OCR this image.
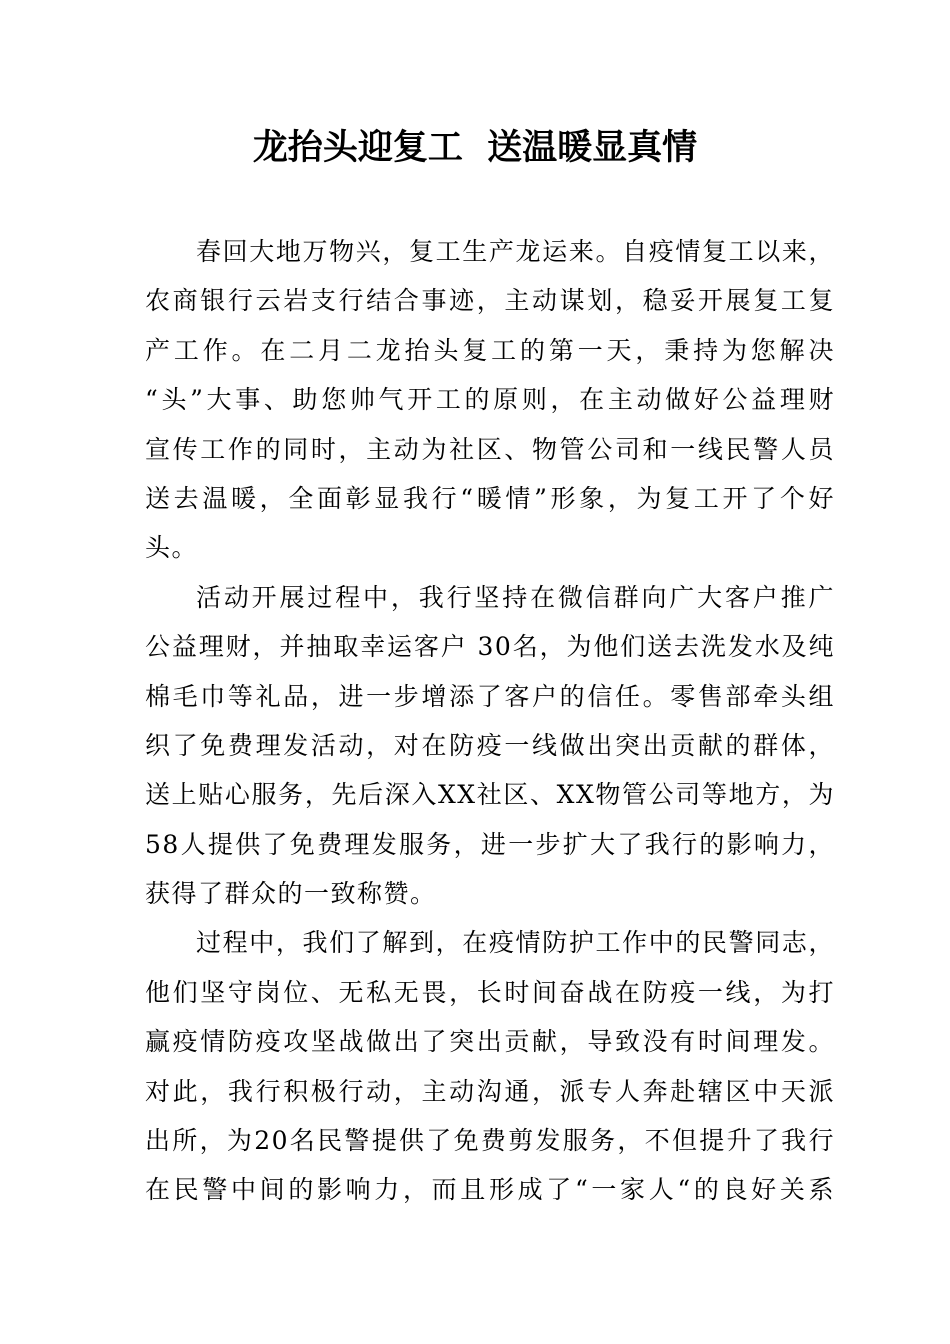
龙抬头迎复工  送温暖显真情
春回大地万物兴，复工生产龙运来。自疫情复工以来，
农商银行云岩支行结合事迹，主动谋划，稳妥开展复工复
产工作。在二月二龙抬头复工的第一天，秉持为您解决
“头”大事、助您帅气开工的原则，在主动做好公益理财
宣传工作的同时，主动为社区、物管公司和一线民警人员
送去温暖，全面彰显我行“暖情”形象，为复工开了个好
头。
活动开展过程中，我行坚持在微信群向广大客户推广
公益理财，并抽取幸运客户 30名，为他们送去洗发水及纯
棉毛巾等礼品，进一步增添了客户的信任。零售部牵头组
织了免费理发活动，对在防疫一线做出突出贡献的群体，
送上贴心服务，先后深入XX社区、XX物管公司等地方，为
58人提供了免费理发服务，进一步扩大了我行的影响力，
获得了群众的一致称赞。
过程中，我们了解到，在疫情防护工作中的民警同志，
他们坚守岗位、无私无畏，长时间奋战在防疫一线，为打
赢疫情防疫攻坚战做出了突出贡献，导致没有时间理发。
对此，我行积极行动，主动沟通，派专人奔赴辖区中天派
出所，为20名民警提供了免费剪发服务，不但提升了我行
在民警中间的影响力，而且形成了“一家人“的良好关系
